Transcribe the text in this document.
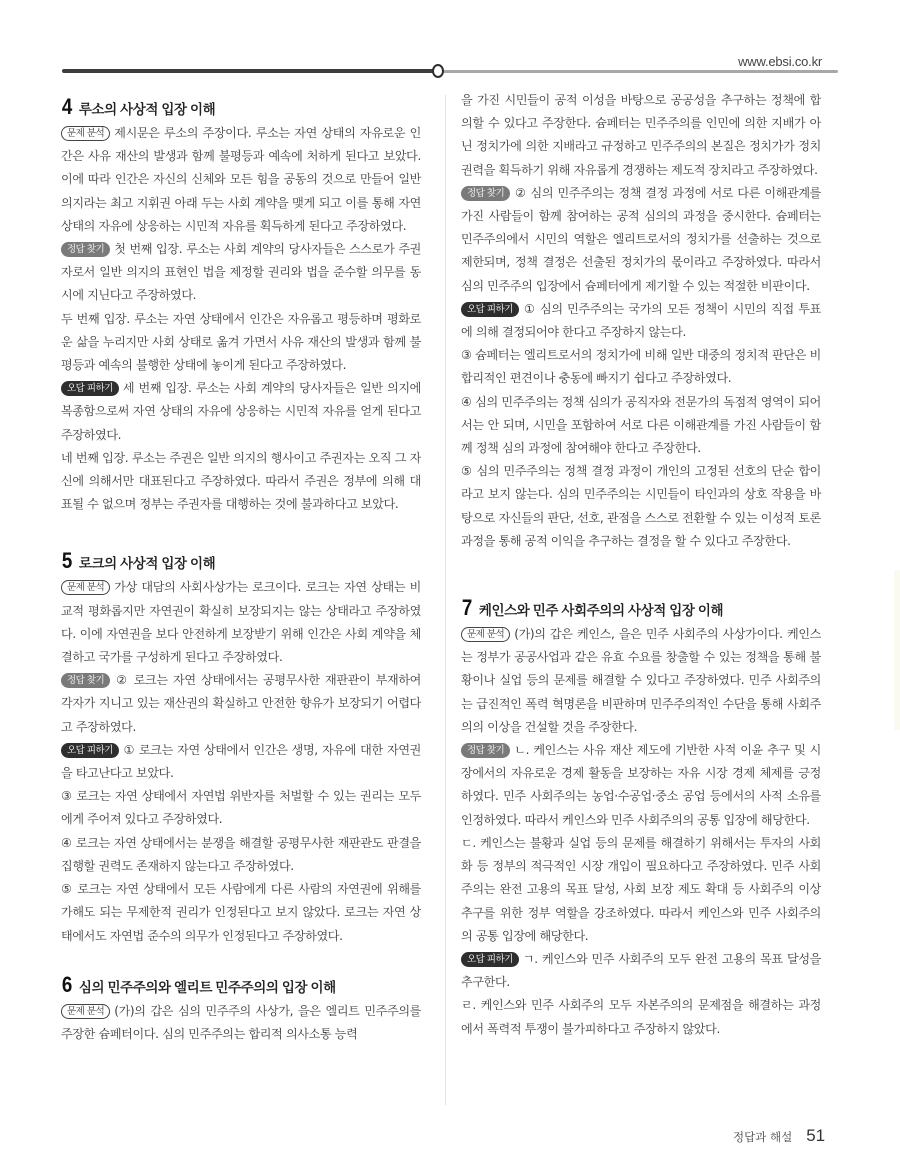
www.ebsi.co.kr
4 루소의 사상적 입장 이해

문제 분석 제시문은 루소의 주장이다. 루소는 자연 상태의 자유로운 인간은 사유 재산의 발생과 함께 불평등과 예속에 처하게 된다고 보았다. 이에 따라 인간은 자신의 신체와 모든 힘을 공동의 것으로 만들어 일반 의지라는 최고 지휘권 아래 두는 사회 계약을 맺게 되고 이를 통해 자연 상태의 자유에 상응하는 시민적 자유를 획득하게 된다고 주장하였다.

정답 찾기 첫 번째 입장. 루소는 사회 계약의 당사자들은 스스로가 주권자로서 일반 의지의 표현인 법을 제정할 권리와 법을 준수할 의무를 동시에 지닌다고 주장하였다.

두 번째 입장. 루소는 자연 상태에서 인간은 자유롭고 평등하며 평화로운 삶을 누리지만 사회 상태로 옮겨 가면서 사유 재산의 발생과 함께 불평등과 예속의 불행한 상태에 놓이게 된다고 주장하였다.

오답 피하기 세 번째 입장. 루소는 사회 계약의 당사자들은 일반 의지에 복종함으로써 자연 상태의 자유에 상응하는 시민적 자유를 얻게 된다고 주장하였다.

네 번째 입장. 루소는 주권은 일반 의지의 행사이고 주권자는 오직 그 자신에 의해서만 대표된다고 주장하였다. 따라서 주권은 정부에 의해 대표될 수 없으며 정부는 주권자를 대행하는 것에 불과하다고 보았다.

5 로크의 사상적 입장 이해

문제 분석 가상 대담의 사회사상가는 로크이다. 로크는 자연 상태는 비교적 평화롭지만 자연권이 확실히 보장되지는 않는 상태라고 주장하였다. 이에 자연권을 보다 안전하게 보장받기 위해 인간은 사회 계약을 체결하고 국가를 구성하게 된다고 주장하였다.

정답 찾기 ② 로크는 자연 상태에서는 공평무사한 재판관이 부재하여 각자가 지니고 있는 재산권의 확실하고 안전한 향유가 보장되기 어렵다고 주장하였다.

오답 피하기 ① 로크는 자연 상태에서 인간은 생명, 자유에 대한 자연권을 타고난다고 보았다.

③ 로크는 자연 상태에서 자연법 위반자를 처벌할 수 있는 권리는 모두에게 주어져 있다고 주장하였다.

④ 로크는 자연 상태에서는 분쟁을 해결할 공평무사한 재판관도 판결을 집행할 권력도 존재하지 않는다고 주장하였다.

⑤ 로크는 자연 상태에서 모든 사람에게 다른 사람의 자연권에 위해를 가해도 되는 무제한적 권리가 인정된다고 보지 않았다. 로크는 자연 상태에서도 자연법 준수의 의무가 인정된다고 주장하였다.

6 심의 민주주의와 엘리트 민주주의의 입장 이해

문제 분석 (가)의 갑은 심의 민주주의 사상가, 을은 엘리트 민주주의를 주장한 슘페터이다. 심의 민주주의는 합리적 의사소통 능력

을 가진 시민들이 공적 이성을 바탕으로 공공성을 추구하는 정책에 합의할 수 있다고 주장한다. 슘페터는 민주주의를 인민에 의한 지배가 아닌 정치가에 의한 지배라고 규정하고 민주주의의 본질은 정치가가 정치권력을 획득하기 위해 자유롭게 경쟁하는 제도적 장치라고 주장하였다.

정답 찾기 ② 심의 민주주의는 정책 결정 과정에 서로 다른 이해관계를 가진 사람들이 함께 참여하는 공적 심의의 과정을 중시한다. 슘페터는 민주주의에서 시민의 역할은 엘리트로서의 정치가를 선출하는 것으로 제한되며, 정책 결정은 선출된 정치가의 몫이라고 주장하였다. 따라서 심의 민주주의 입장에서 슘페터에게 제기할 수 있는 적절한 비판이다.

오답 피하기 ① 심의 민주주의는 국가의 모든 정책이 시민의 직접 투표에 의해 결정되어야 한다고 주장하지 않는다.

③ 슘페터는 엘리트로서의 정치가에 비해 일반 대중의 정치적 판단은 비합리적인 편견이나 충동에 빠지기 쉽다고 주장하였다.

④ 심의 민주주의는 정책 심의가 공직자와 전문가의 독점적 영역이 되어서는 안 되며, 시민을 포함하여 서로 다른 이해관계를 가진 사람들이 함께 정책 심의 과정에 참여해야 한다고 주장한다.

⑤ 심의 민주주의는 정책 결정 과정이 개인의 고정된 선호의 단순 합이라고 보지 않는다. 심의 민주주의는 시민들이 타인과의 상호 작용을 바탕으로 자신들의 판단, 선호, 관점을 스스로 전환할 수 있는 이성적 토론 과정을 통해 공적 이익을 추구하는 결정을 할 수 있다고 주장한다.

7 케인스와 민주 사회주의의 사상적 입장 이해

문제 분석 (가)의 갑은 케인스, 을은 민주 사회주의 사상가이다. 케인스는 정부가 공공사업과 같은 유효 수요를 창출할 수 있는 정책을 통해 불황이나 실업 등의 문제를 해결할 수 있다고 주장하였다. 민주 사회주의는 급진적인 폭력 혁명론을 비판하며 민주주의적인 수단을 통해 사회주의의 이상을 건설할 것을 주장한다.

정답 찾기 ㄴ. 케인스는 사유 재산 제도에 기반한 사적 이윤 추구 및 시장에서의 자유로운 경제 활동을 보장하는 자유 시장 경제 체제를 긍정하였다. 민주 사회주의는 농업·수공업·중소 공업 등에서의 사적 소유를 인정하였다. 따라서 케인스와 민주 사회주의의 공통 입장에 해당한다.

ㄷ. 케인스는 불황과 실업 등의 문제를 해결하기 위해서는 투자의 사회화 등 정부의 적극적인 시장 개입이 필요하다고 주장하였다. 민주 사회주의는 완전 고용의 목표 달성, 사회 보장 제도 확대 등 사회주의 이상 추구를 위한 정부 역할을 강조하였다. 따라서 케인스와 민주 사회주의의 공통 입장에 해당한다.

오답 피하기 ㄱ. 케인스와 민주 사회주의 모두 완전 고용의 목표 달성을 추구한다.

ㄹ. 케인스와 민주 사회주의 모두 자본주의의 문제점을 해결하는 과정에서 폭력적 투쟁이 불가피하다고 주장하지 않았다.

정답과 해설 51
